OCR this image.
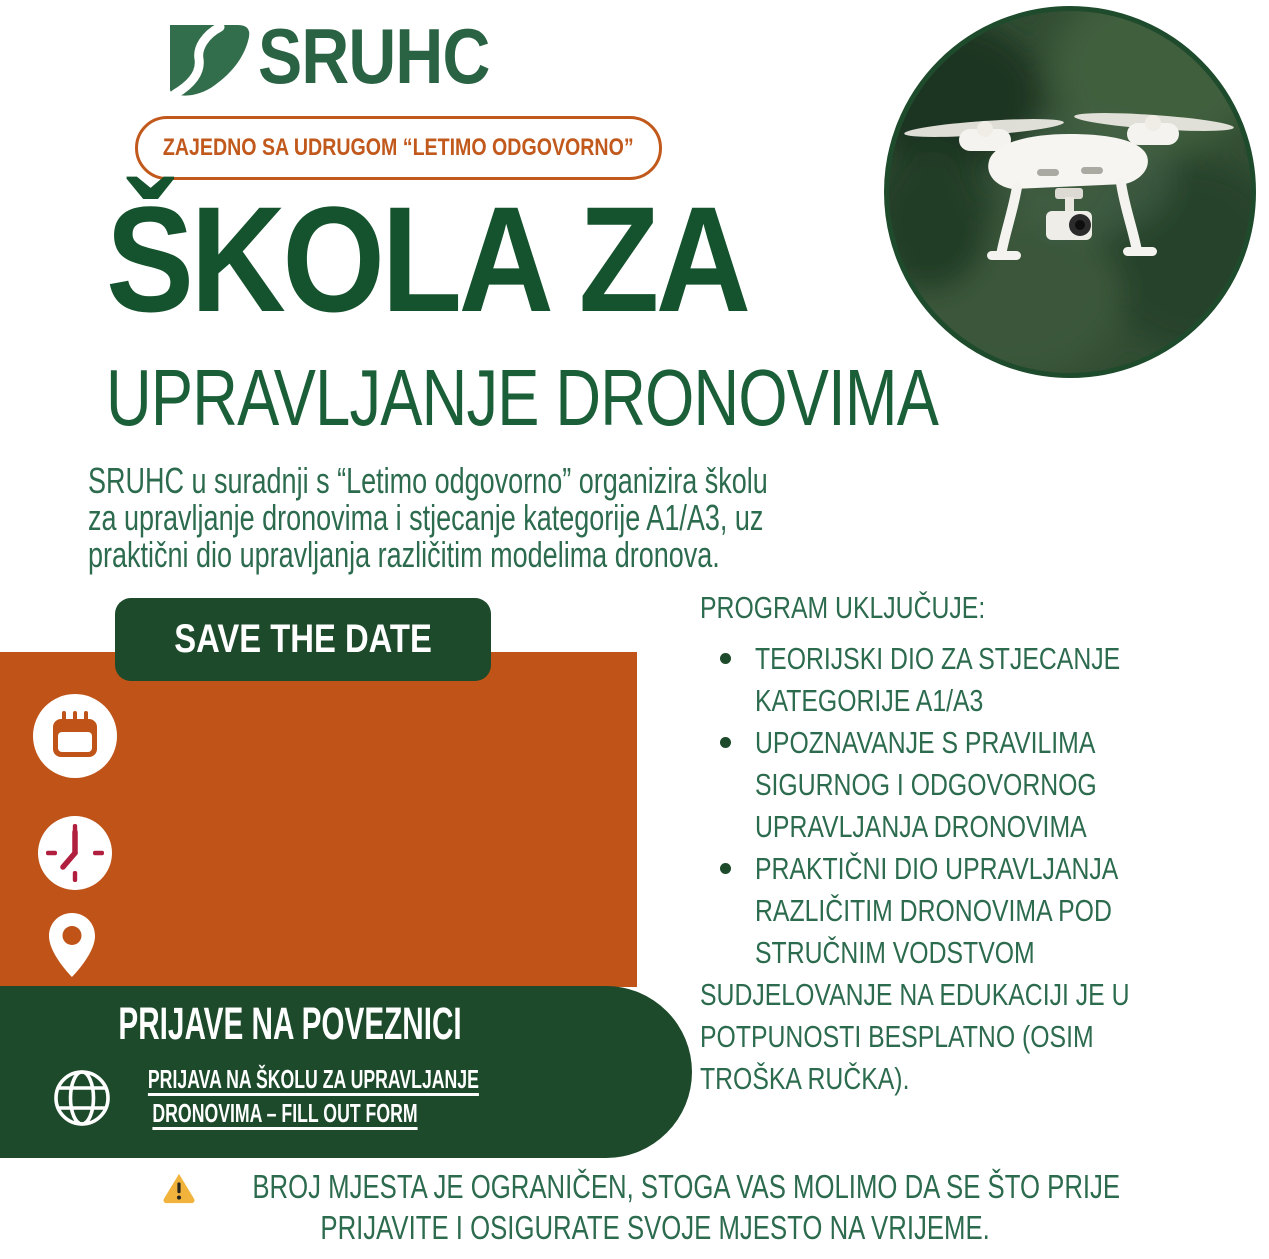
SRUHC
ZAJEDNO SA UDRUGOM “LETIMO ODGOVORNO”
ŠKOLA ZA
UPRAVLJANJE DRONOVIMA
SRUHC u suradnji s “Letimo odgovorno” organizira školu
za upravljanje dronovima i stjecanje kategorije A1/A3, uz
praktični dio upravljanja različitim modelima dronova.
SAVE THE DATE
PRIJAVE NA POVEZNICI
PRIJAVA NA ŠKOLU ZA UPRAVLJANJE
DRONOVIMA – FILL OUT FORM
PROGRAM UKLJUČUJE:
TEORIJSKI DIO ZA STJECANJE
KATEGORIJE A1/A3
UPOZNAVANJE S PRAVILIMA
SIGURNOG I ODGOVORNOG
UPRAVLJANJA DRONOVIMA
PRAKTIČNI DIO UPRAVLJANJA
RAZLIČITIM DRONOVIMA POD
STRUČNIM VODSTVOM
SUDJELOVANJE NA EDUKACIJI JE U
POTPUNOSTI BESPLATNO (OSIM
TROŠKA RUČKA).
BROJ MJESTA JE OGRANIČEN, STOGA VAS MOLIMO DA SE ŠTO PRIJE
PRIJAVITE I OSIGURATE SVOJE MJESTO NA VRIJEME.
